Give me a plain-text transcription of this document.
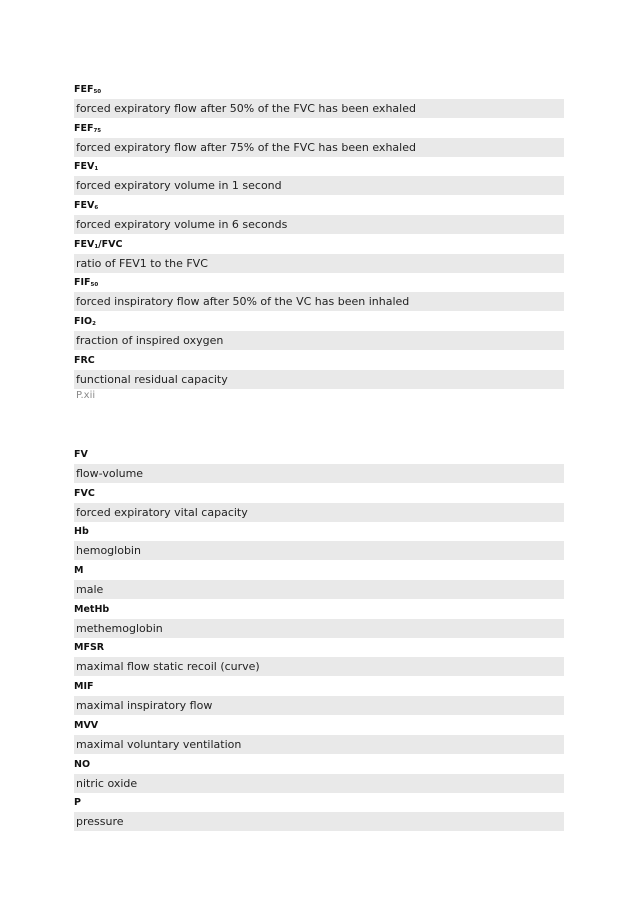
FEF50
forced expiratory flow after 50% of the FVC has been exhaled
FEF75
forced expiratory flow after 75% of the FVC has been exhaled
FEV1
forced expiratory volume in 1 second
FEV6
forced expiratory volume in 6 seconds
FEV1/FVC
ratio of FEV1 to the FVC
FIF50
forced inspiratory flow after 50% of the VC has been inhaled
FIO2
fraction of inspired oxygen
FRC
functional residual capacity
P.xii
FV
flow-volume
FVC
forced expiratory vital capacity
Hb
hemoglobin
M
male
MetHb
methemoglobin
MFSR
maximal flow static recoil (curve)
MIF
maximal inspiratory flow
MVV
maximal voluntary ventilation
NO
nitric oxide
P
pressure
